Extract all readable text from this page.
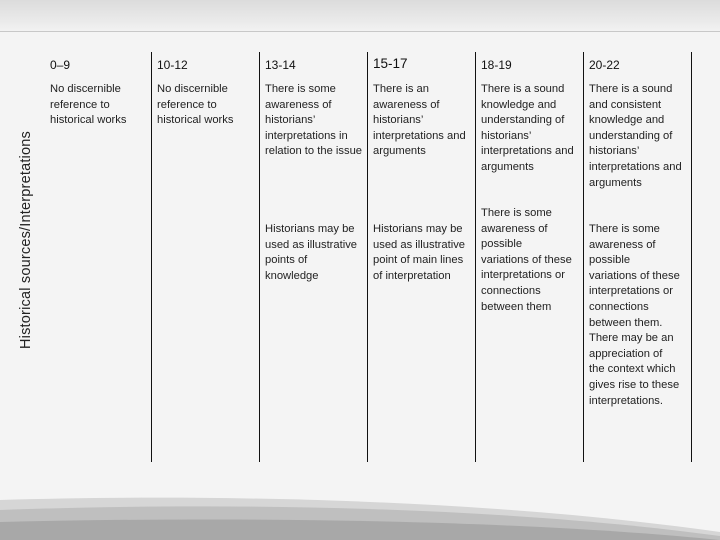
Historical sources/Interpretations
0–9
No discernible reference to historical works
10-12
No discernible reference to historical works
13-14
There is some awareness of historians’ interpretations in relation to the issue
Historians may be used as illustrative points of knowledge
15-17
There is an awareness of historians’ interpretations and arguments
Historians may be used as illustrative point of main lines of interpretation
18-19
There is a sound knowledge and understanding of historians’ interpretations and arguments
There is some awareness of possible variations of these interpretations or connections between them
20-22
There is a sound and consistent knowledge and understanding of historians’ interpretations and arguments
There is some awareness of possible variations of these interpretations or connections between them. There may be an appreciation of the context which gives rise to these interpretations.
